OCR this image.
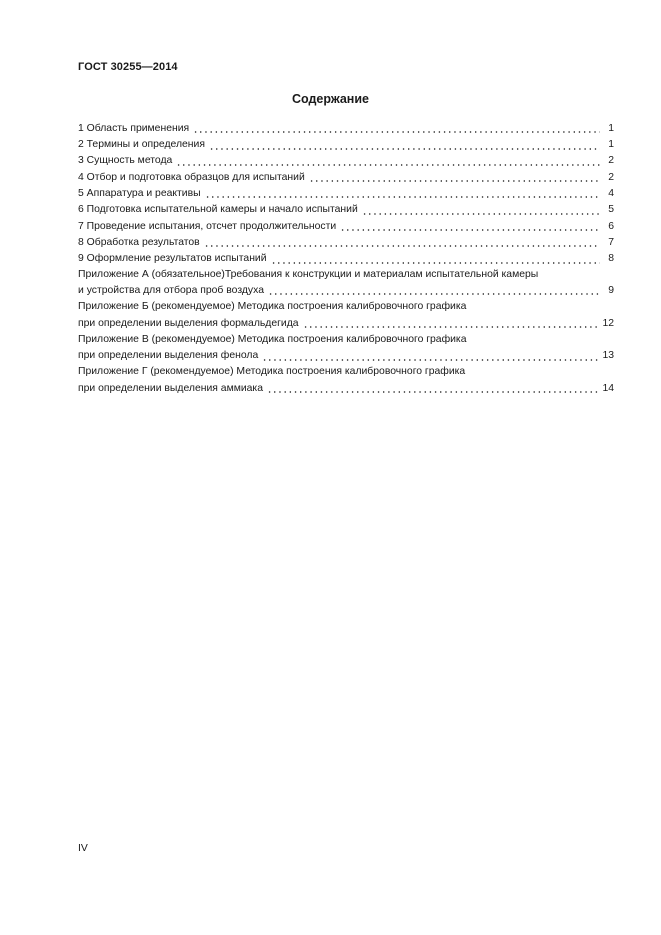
ГОСТ 30255—2014
Содержание
1 Область применения	1
2 Термины и определения	1
3 Сущность метода	2
4 Отбор и подготовка образцов для испытаний	2
5 Аппаратура и реактивы	4
6 Подготовка испытательной камеры и начало испытаний	5
7 Проведение испытания, отсчет продолжительности	6
8 Обработка результатов	7
9 Оформление результатов испытаний	8
Приложение А (обязательное)Требования к конструкции и материалам испытательной камеры
и устройства для отбора проб воздуха	9
Приложение Б (рекомендуемое) Методика построения калибровочного графика
при определении выделения формальдегида	12
Приложение В (рекомендуемое) Методика построения калибровочного графика
при определении выделения фенола	13
Приложение Г (рекомендуемое) Методика построения калибровочного графика
при определении выделения аммиака	14
IV
